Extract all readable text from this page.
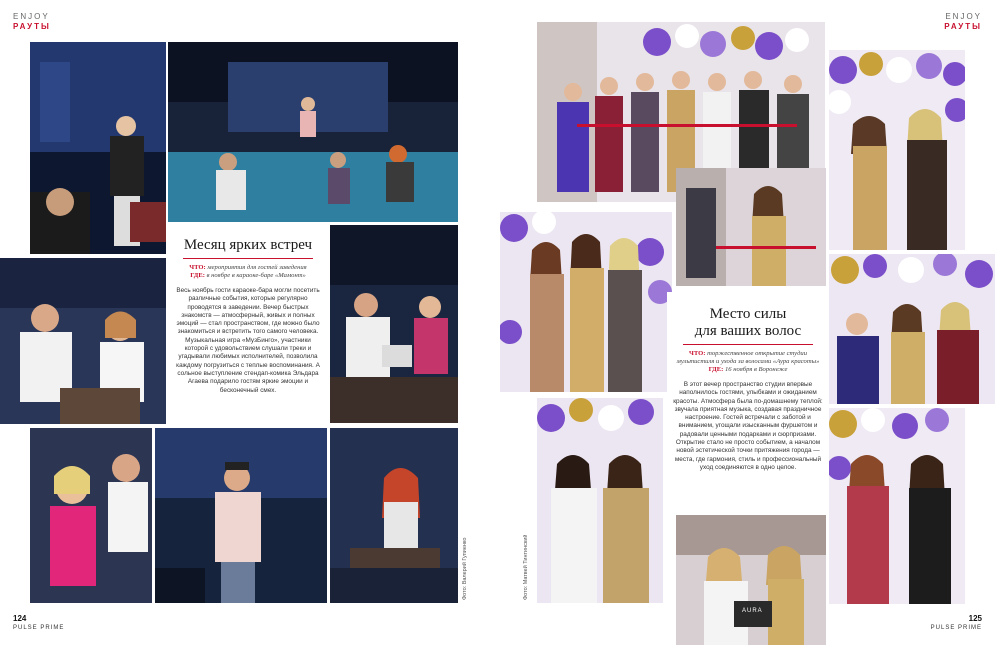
ENJOY
РАУТЫ
Месяц ярких встреч
ЧТО: мероприятия для гостей заведения
ГДЕ: в ноябре в караоке-баре «Мамонт»
Весь ноябрь гости караоке-бара могли посетить различные события, которые регулярно проводятся в заведении. Вечер быстрых знакомств — атмосферный, живых и полных эмоций — стал пространством, где можно было знакомиться и встретить того самого человека. Музыкальная игра «МузБинго», участники которой с удовольствием слушали треки и угадывали любимых исполнителей, позволила каждому погрузиться с теплые воспоминания. А сольное выступление стендап-комика Эльдара Агаева подарило гостям яркие эмоции и бесконечный смех.
Фото: Валерий Гупиенко
124
PULSE PRIME
ENJOY
РАУТЫ
Место силы
для ваших волос
ЧТО: торжественное открытие студии мультистиля и ухода за волосами «Аура красоты»
ГДЕ: 16 ноября в Воронеже
В этот вечер пространство студии впервые наполнилось гостями, улыбками и ожиданием красоты. Атмосфера была по-домашнему теплой: звучала приятная музыка, создавая праздничное настроение. Гостей встречали с заботой и вниманием, угощали изысканным фуршетом и радовали ценными подарками и сюрпризами. Открытие стало не просто событием, а началом новой эстетической точки притяжения города — места, где гармония, стиль и профессиональный уход соединяются в одно целое.
AURA
Фото: Матвей Тинтинский
125
PULSE PRIME
